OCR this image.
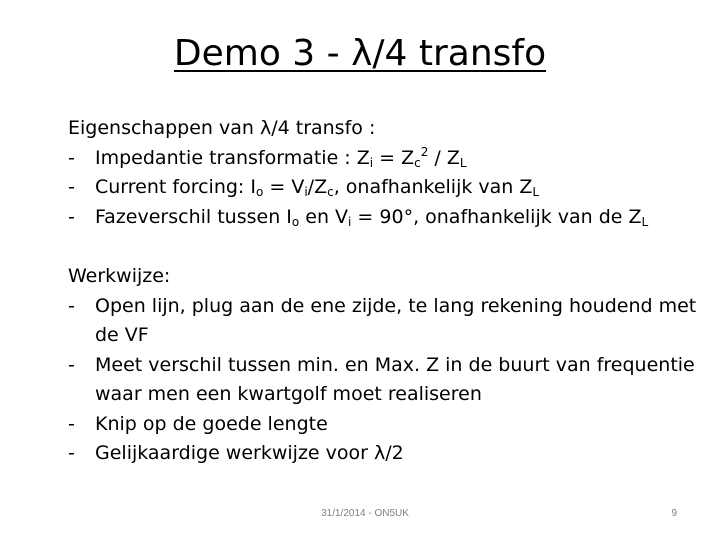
Demo 3 - λ/4 transfo
Eigenschappen van λ/4 transfo :
-	Impedantie transformatie : $Z_i = Z_c^2 / Z_L$
-	Current forcing: $I_o = V_i/Z_c$, onafhankelijk van $Z_L$
-	Fazeverschil tussen $I_o$ en $V_i = 90^\circ$, onafhankelijk van de $Z_L$
Werkwijze:
-	Open lijn, plug aan de ene zijde, te lang rekening houdend met de VF
-	Meet verschil tussen min. en Max. Z in de buurt van frequentie waar men een kwartgolf moet realiseren
-	Knip op de goede lengte
-	Gelijkaardige werkwijze voor λ/2
31/1/2014 - ON5UK	9
